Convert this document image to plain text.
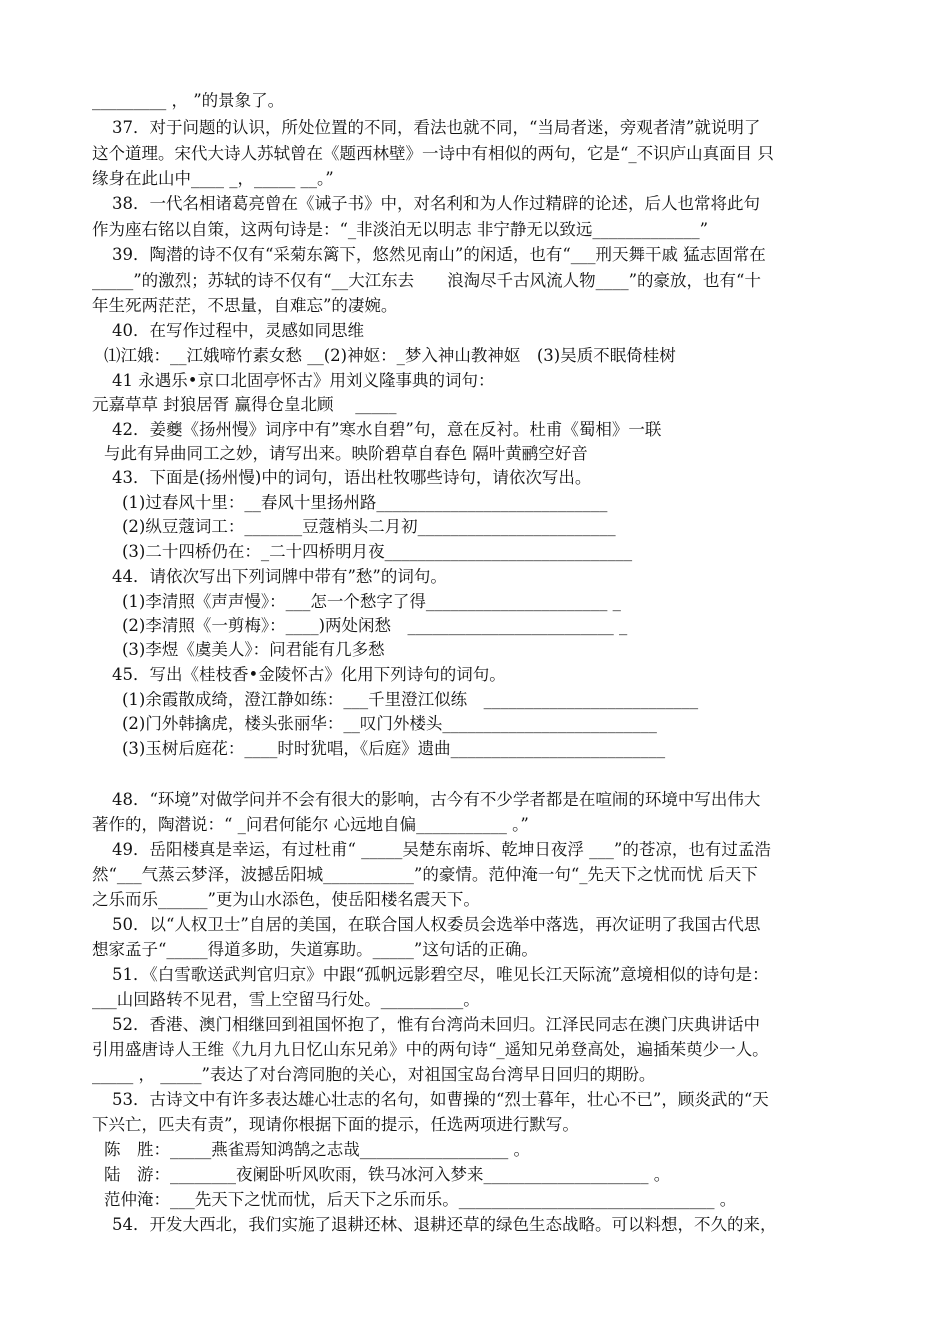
_________ ， ”的景象了。
37．对于问题的认识，所处位置的不同，看法也就不同，“当局者迷，旁观者清”就说明了
这个道理。宋代大诗人苏轼曾在《题西林壁》一诗中有相似的两句，它是“_不识庐山真面目 只
缘身在此山中____ _，_____ __。”
38．一代名相诸葛亮曾在《诫子书》中，对名利和为人作过精辟的论述，后人也常将此句
作为座右铭以自策，这两句诗是：“_非淡泊无以明志 非宁静无以致远_____________”
39．陶潜的诗不仅有“采菊东篱下，悠然见南山”的闲适，也有“___刑天舞干戚 猛志固常在
_____”的激烈；苏轼的诗不仅有“__大江东去　　浪淘尽千古风流人物____”的豪放，也有“十
年生死两茫茫，不思量，自难忘”的凄婉。
40．在写作过程中，灵感如同思维
⑴江娥：__江娥啼竹素女愁 __(2)神妪：_梦入神山教神妪　(3)吴质不眠倚桂树
41 永遇乐•京口北固亭怀古》用刘义隆事典的词句：
元嘉草草 封狼居胥 赢得仓皇北顾　 _____
42．姜夔《扬州慢》词序中有”寒水自碧”句，意在反衬。杜甫《蜀相》一联
与此有异曲同工之妙，请写出来。映阶碧草自春色 隔叶黄鹂空好音
43．下面是(扬州慢)中的词句，语出杜牧哪些诗句，请依次写出。
(1)过春风十里：__春风十里扬州路____________________________
(2)纵豆蔻词工：_______豆蔻梢头二月初________________________
(3)二十四桥仍在：_二十四桥明月夜______________________________
44．请依次写出下列词牌中带有”愁”的词句。
(1)李清照《声声慢》：___怎一个愁字了得______________________ _
(2)李清照《一剪梅》：____)两处闲愁　_________________________ _
(3)李煜《虞美人》：问君能有几多愁
45．写出《桂枝香•金陵怀古》化用下列诗句的词句。
(1)余霞散成绮，澄江静如练：___千里澄江似练　__________________________
(2)门外韩擒虎，楼头张丽华：__叹门外楼头__________________________
(3)玉树后庭花：____时时犹唱，《后庭》遗曲__________________________
48．“环境”对做学问并不会有很大的影响，古今有不少学者都是在喧闹的环境中写出伟大
著作的，陶潜说：“ _问君何能尔 心远地自偏___________ 。”
49．岳阳楼真是幸运，有过杜甫“ _____吴楚东南坼、乾坤日夜浮 ___”的苍凉，也有过孟浩
然“___气蒸云梦泽，波撼岳阳城___________”的豪情。范仲淹一句“_先天下之忧而忧 后天下
之乐而乐______”更为山水添色，使岳阳楼名震天下。
50．以“人权卫士”自居的美国，在联合国人权委员会选举中落选，再次证明了我国古代思
想家孟子“_____得道多助，失道寡助。_____”这句话的正确。
51．《白雪歌送武判官归京》中跟“孤帆远影碧空尽，唯见长江天际流”意境相似的诗句是：
___山回路转不见君，雪上空留马行处。__________。
52．香港、澳门相继回到祖国怀抱了，惟有台湾尚未回归。江泽民同志在澳门庆典讲话中
引用盛唐诗人王维《九月九日忆山东兄弟》中的两句诗“_遥知兄弟登高处，遍插茱萸少一人。
_____ ， _____”表达了对台湾同胞的关心，对祖国宝岛台湾早日回归的期盼。
53．古诗文中有许多表达雄心壮志的名句，如曹操的“烈士暮年，壮心不已”，顾炎武的“天
下兴亡，匹夫有责”，现请你根据下面的提示，任选两项进行默写。
陈　胜：_____燕雀焉知鸿鹄之志哉__________________ 。
陆　游：________夜阑卧听风吹雨，铁马冰河入梦来____________________ 。
范仲淹：___先天下之忧而忧，后天下之乐而乐。_______________________________ 。
54．开发大西北，我们实施了退耕还林、退耕还草的绿色生态战略。可以料想，不久的来，
